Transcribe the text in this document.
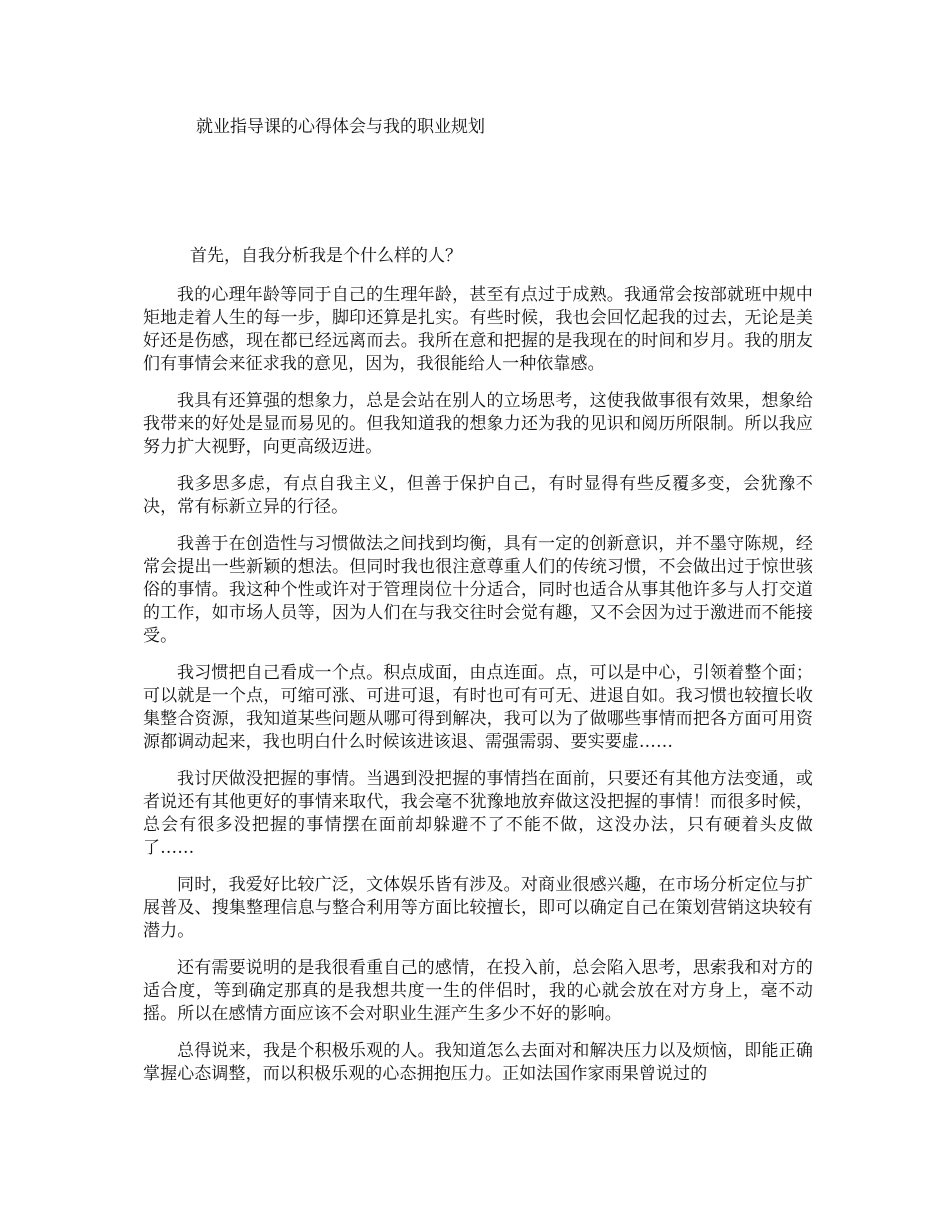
就业指导课的心得体会与我的职业规划
首先，自我分析我是个什么样的人？

我的心理年龄等同于自己的生理年龄，甚至有点过于成熟。我通常会按部就班中规中矩地走着人生的每一步，脚印还算是扎实。有些时候，我也会回忆起我的过去，无论是美好还是伤感，现在都已经远离而去。我所在意和把握的是我现在的时间和岁月。我的朋友们有事情会来征求我的意见，因为，我很能给人一种依靠感。

我具有还算强的想象力，总是会站在别人的立场思考，这使我做事很有效果，想象给我带来的好处是显而易见的。但我知道我的想象力还为我的见识和阅历所限制。所以我应努力扩大视野，向更高级迈进。

我多思多虑，有点自我主义，但善于保护自己，有时显得有些反覆多变，会犹豫不决，常有标新立异的行径。

我善于在创造性与习惯做法之间找到均衡，具有一定的创新意识，并不墨守陈规，经常会提出一些新颖的想法。但同时我也很注意尊重人们的传统习惯，不会做出过于惊世骇俗的事情。我这种个性或许对于管理岗位十分适合，同时也适合从事其他许多与人打交道的工作，如市场人员等，因为人们在与我交往时会觉有趣，又不会因为过于激进而不能接受。

我习惯把自己看成一个点。积点成面，由点连面。点，可以是中心，引领着整个面；可以就是一个点，可缩可涨、可进可退，有时也可有可无、进退自如。我习惯也较擅长收集整合资源，我知道某些问题从哪可得到解决，我可以为了做哪些事情而把各方面可用资源都调动起来，我也明白什么时候该进该退、需强需弱、要实要虚……

我讨厌做没把握的事情。当遇到没把握的事情挡在面前，只要还有其他方法变通，或者说还有其他更好的事情来取代，我会毫不犹豫地放弃做这没把握的事情！而很多时候，总会有很多没把握的事情摆在面前却躲避不了不能不做，这没办法，只有硬着头皮做了……

同时，我爱好比较广泛，文体娱乐皆有涉及。对商业很感兴趣，在市场分析定位与扩展普及、搜集整理信息与整合利用等方面比较擅长，即可以确定自己在策划营销这块较有潜力。

还有需要说明的是我很看重自己的感情，在投入前，总会陷入思考，思索我和对方的适合度，等到确定那真的是我想共度一生的伴侣时，我的心就会放在对方身上，毫不动摇。所以在感情方面应该不会对职业生涯产生多少不好的影响。

总得说来，我是个积极乐观的人。我知道怎么去面对和解决压力以及烦恼，即能正确掌握心态调整，而以积极乐观的心态拥抱压力。正如法国作家雨果曾说过的
